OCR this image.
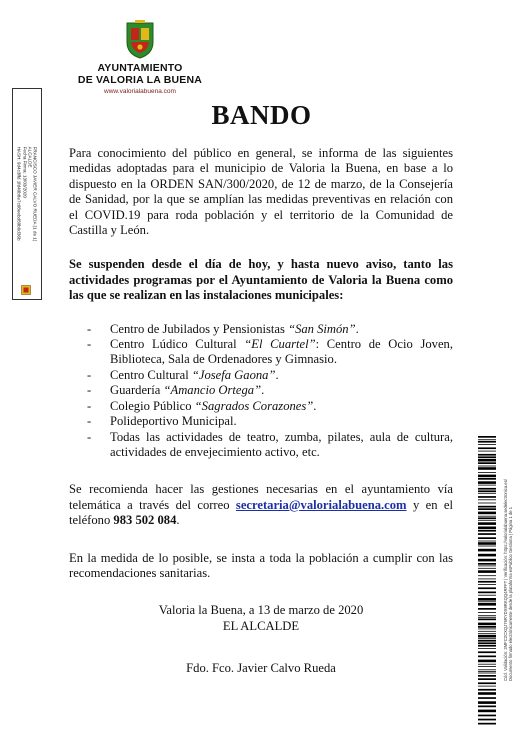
AYUNTAMIENTO
DE VALORIA LA BUENA
www.valorialabuena.com
FRANCISCO JAVIER CALVO RUEDA (1 de 1)
ALCALDE
Fecha Firma: 13/03/2020
HASH: 9d4c3ffd 1fd40b8e7c08eebd89b0d36b
BANDO

Para conocimiento del público en general, se informa de las siguientes medidas adoptadas para el municipio de Valoria la Buena, en base a lo dispuesto en la ORDEN SAN/300/2020, de 12 de marzo, de la Consejería de Sanidad, por la que se amplían las medidas preventivas en relación con el COVID.19 para roda población y el territorio de la Comunidad de Castilla y León.

Se suspenden desde el día de hoy, y hasta nuevo aviso, tanto las actividades programas por el Ayuntamiento de Valoria la Buena como las que se realizan en las instalaciones municipales:

- Centro de Jubilados y Pensionistas “San Simón”.
- Centro Lúdico Cultural “El Cuartel”: Centro de Ocio Joven, Biblioteca, Sala de Ordenadores y Gimnasio.
- Centro Cultural “Josefa Gaona”.
- Guardería “Amancio Ortega”.
- Colegio Público “Sagrados Corazones”.
- Polideportivo Municipal.
- Todas las actividades de teatro, zumba, pilates, aula de cultura, actividades de envejecimiento activo, etc.

Se recomienda hacer las gestiones necesarias en el ayuntamiento vía telemática a través del correo secretaria@valorialabuena.com y en el teléfono 983 502 084.

En la medida de lo posible, se insta a toda la población a cumplir con las recomendaciones sanitarias.

Valoria la Buena, a 13 de marzo de 2020

EL ALCALDE

Fdo. Fco. Javier Calvo Rueda	Cód. Validación: 3MFC2CXQJ76RYDX9RKQQ4RFFT | Verificación: https://valorialabuena.sedelectronica.es/ Documento firmado electrónicamente desde la plataforma esPublico Gestiona | Página 1 de 1
